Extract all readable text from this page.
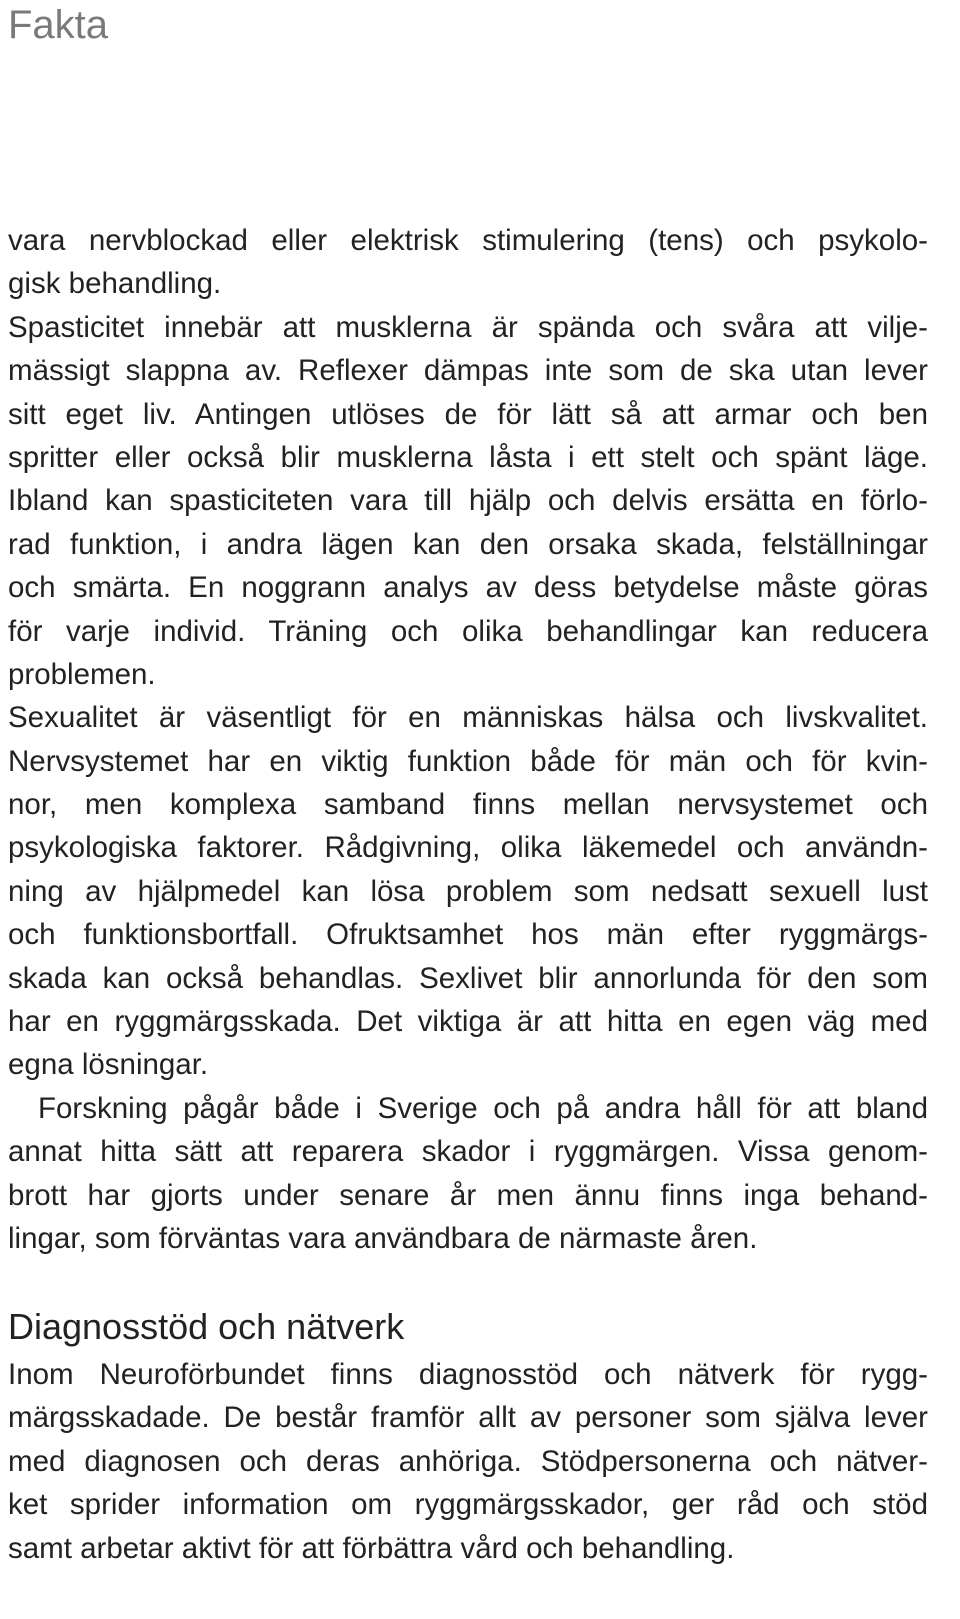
Fakta
vara nervblockad eller elektrisk stimulering (tens) och psykolo-
gisk behandling.
Spasticitet innebär att musklerna är spända och svåra att vilje-
mässigt slappna av. Reflexer dämpas inte som de ska utan lever
sitt eget liv. Antingen utlöses de för lätt så att armar och ben
spritter eller också blir musklerna låsta i ett stelt och spänt läge.
Ibland kan spasticiteten vara till hjälp och delvis ersätta en förlo-
rad funktion, i andra lägen kan den orsaka skada, felställningar
och smärta. En noggrann analys av dess betydelse måste göras
för varje individ. Träning och olika behandlingar kan reducera
problemen.
Sexualitet är väsentligt för en människas hälsa och livskvalitet.
Nervsystemet har en viktig funktion både för män och för kvin-
nor, men komplexa samband finns mellan nervsystemet och
psykologiska faktorer. Rådgivning, olika läkemedel och användn-
ning av hjälpmedel kan lösa problem som nedsatt sexuell lust
och funktionsbortfall. Ofruktsamhet hos män efter ryggmärgs-
skada kan också behandlas. Sexlivet blir annorlunda för den som
har en ryggmärgsskada. Det viktiga är att hitta en egen väg med
egna lösningar.
Forskning pågår både i Sverige och på andra håll för att bland
annat hitta sätt att reparera skador i ryggmärgen. Vissa genom-
brott har gjorts under senare år men ännu finns inga behand-
lingar, som förväntas vara användbara de närmaste åren.
Diagnosstöd och nätverk
Inom Neuroförbundet finns diagnosstöd och nätverk för rygg-
märgsskadade. De består framför allt av personer som själva lever
med diagnosen och deras anhöriga. Stödpersonerna och nätver-
ket sprider information om ryggmärgsskador, ger råd och stöd
samt arbetar aktivt för att förbättra vård och behandling.
